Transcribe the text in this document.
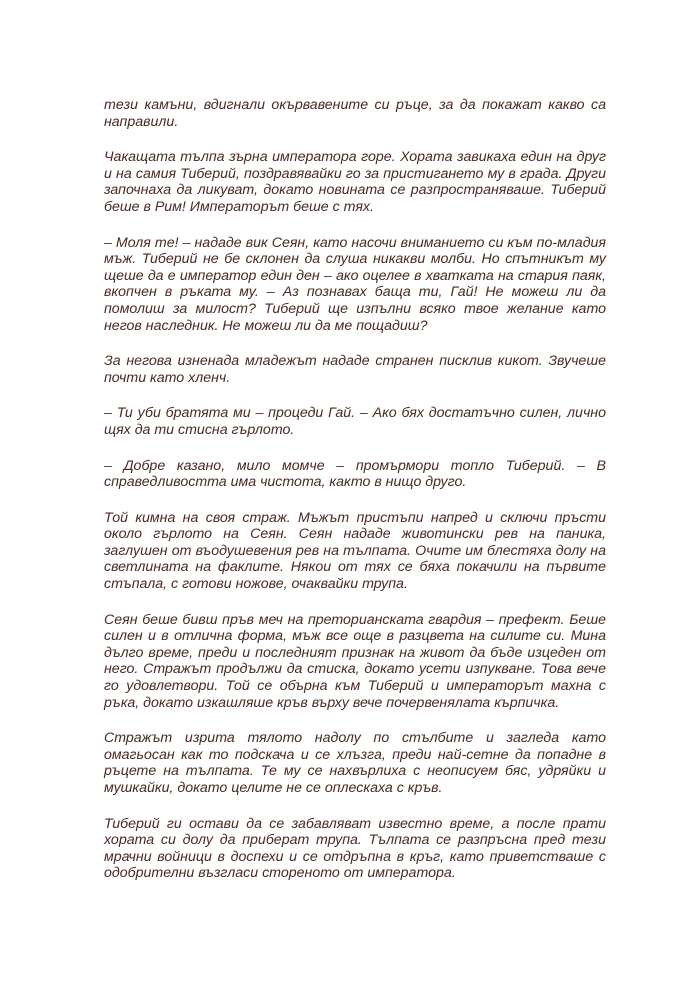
тези камъни, вдигнали окървавените си ръце, за да покажат какво са направили.

Чакащата тълпа зърна императора горе. Хората завикаха един на друг и на самия Тиберий, поздравявайки го за пристигането му в града. Други започнаха да ликуват, докато новината се разпространяваше. Тиберий беше в Рим! Императорът беше с тях.

– Моля те! – нададе вик Сеян, като насочи вниманието си към по-младия мъж. Тиберий не бе склонен да слуша никакви молби. Но спътникът му щеше да е император един ден – ако оцелее в хватката на стария паяк, вкопчен в ръката му. – Аз познавах баща ти, Гай! Не можеш ли да помолиш за милост? Тиберий ще изпълни всяко твое желание като негов наследник. Не можеш ли да ме пощадиш?

За негова изненада младежът нададе странен писклив кикот. Звучеше почти като хленч.

– Ти уби братята ми – процеди Гай. – Ако бях достатъчно силен, лично щях да ти стисна гърлото.

– Добре казано, мило момче – промърмори топло Тиберий. – В справедливостта има чистота, както в нищо друго.

Той кимна на своя страж. Мъжът пристъпи напред и сключи пръсти около гърлото на Сеян. Сеян нададе животински рев на паника, заглушен от въодушевения рев на тълпата. Очите им блестяха долу на светлината на факлите. Някои от тях се бяха покачили на първите стъпала, с готови ножове, очаквайки трупа.

Сеян беше бивш пръв меч на преторианската гвардия – префект. Беше силен и в отлична форма, мъж все още в разцвета на силите си. Мина дълго време, преди и последният признак на живот да бъде изцеден от него. Стражът продължи да стиска, докато усети изпукване. Това вече го удовлетвори. Той се обърна към Тиберий и императорът махна с ръка, докато изкашляше кръв върху вече почервенялата кърпичка.

Стражът изрита тялото надолу по стълбите и загледа като омагьосан как то подскача и се хлъзга, преди най-сетне да попадне в ръцете на тълпата. Те му се нахвърлиха с неописуем бяс, удряйки и мушкайки, докато целите не се оплескаха с кръв.

Тиберий ги остави да се забавляват известно време, а после прати хората си долу да приберат трупа. Тълпата се разпръсна пред тези мрачни войници в доспехи и се отдръпна в кръг, като приветстваше с одобрителни възгласи стореното от императора.
